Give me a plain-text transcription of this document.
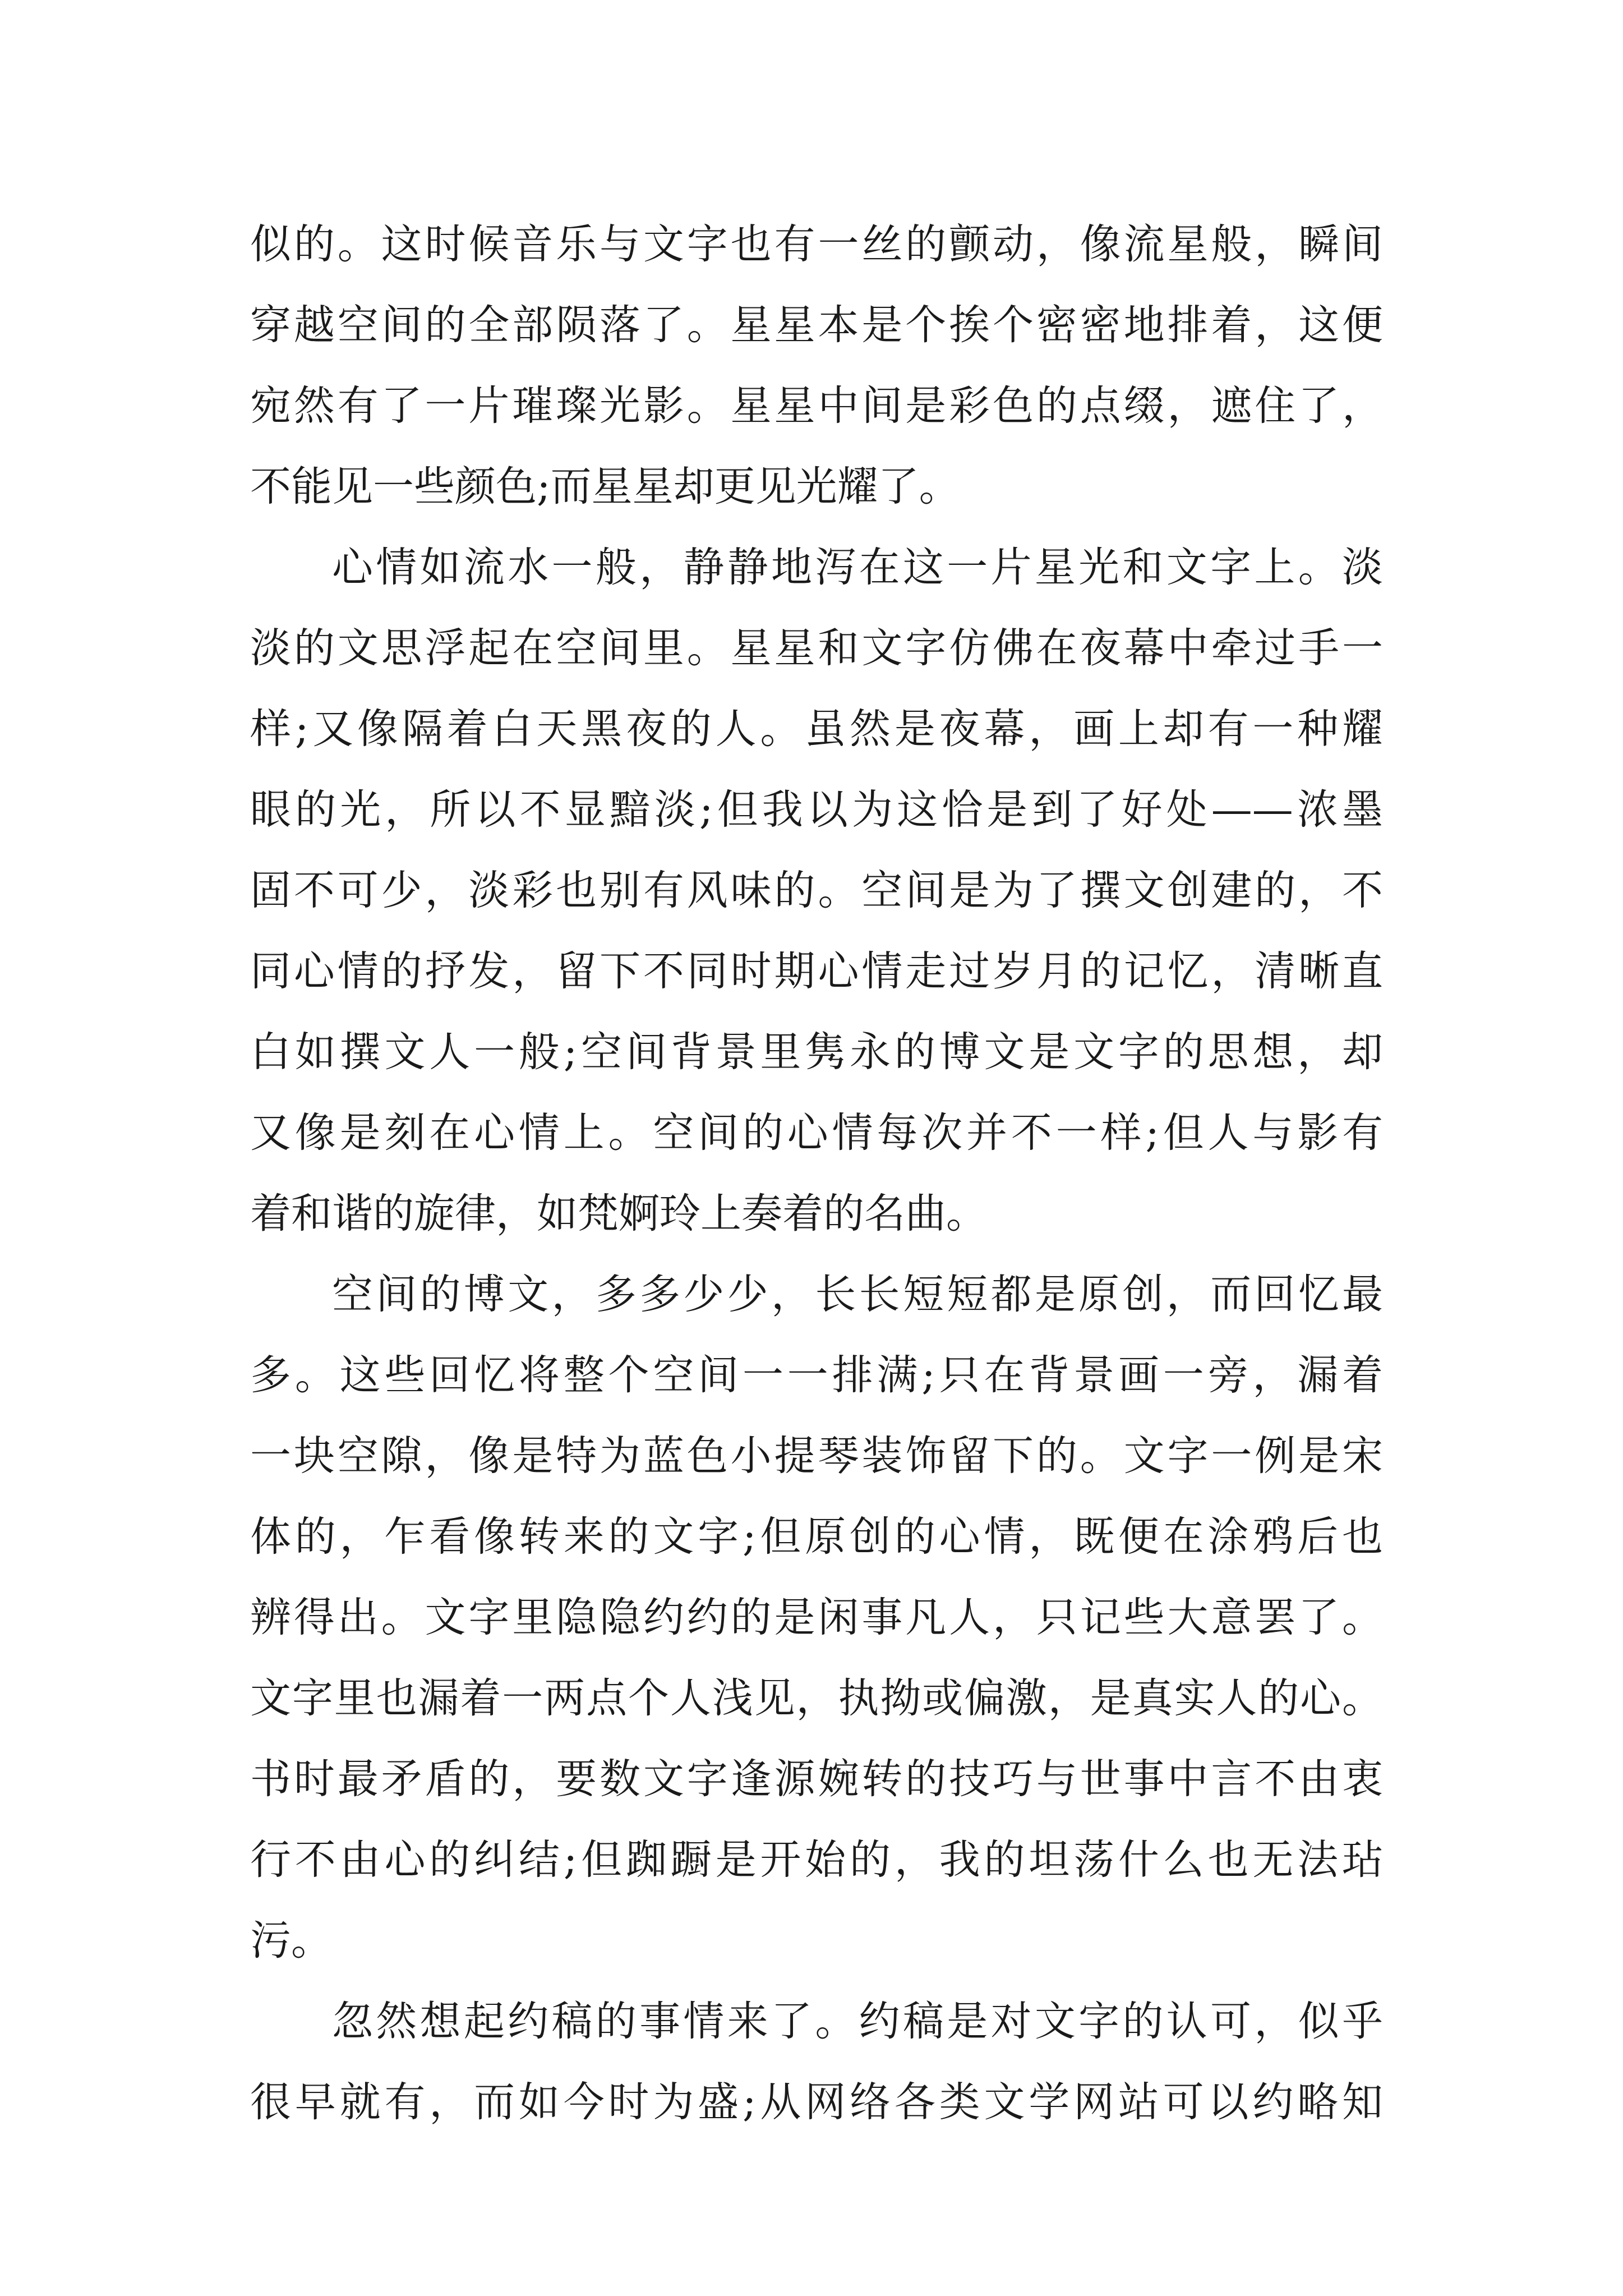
似的。这时候音乐与文字也有一丝的颤动，像流星般，瞬间
穿越空间的全部陨落了。星星本是个挨个密密地排着，这便
宛然有了一片璀璨光影。星星中间是彩色的点缀，遮住了，
不能见一些颜色;而星星却更见光耀了。
心情如流水一般，静静地泻在这一片星光和文字上。淡
淡的文思浮起在空间里。星星和文字仿佛在夜幕中牵过手一
样;又像隔着白天黑夜的人。虽然是夜幕，画上却有一种耀
眼的光，所以不显黯淡;但我以为这恰是到了好处——浓墨
固不可少，淡彩也别有风味的。空间是为了撰文创建的，不
同心情的抒发，留下不同时期心情走过岁月的记忆，清晰直
白如撰文人一般;空间背景里隽永的博文是文字的思想，却
又像是刻在心情上。空间的心情每次并不一样;但人与影有
着和谐的旋律，如梵婀玲上奏着的名曲。
空间的博文，多多少少，长长短短都是原创，而回忆最
多。这些回忆将整个空间一一排满;只在背景画一旁，漏着
一块空隙，像是特为蓝色小提琴装饰留下的。文字一例是宋
体的，乍看像转来的文字;但原创的心情，既便在涂鸦后也
辨得出。文字里隐隐约约的是闲事凡人，只记些大意罢了。
文字里也漏着一两点个人浅见，执拗或偏激，是真实人的心。
书时最矛盾的，要数文字逢源婉转的技巧与世事中言不由衷
行不由心的纠结;但踟蹰是开始的，我的坦荡什么也无法玷
污。
忽然想起约稿的事情来了。约稿是对文字的认可，似乎
很早就有，而如今时为盛;从网络各类文学网站可以约略知
